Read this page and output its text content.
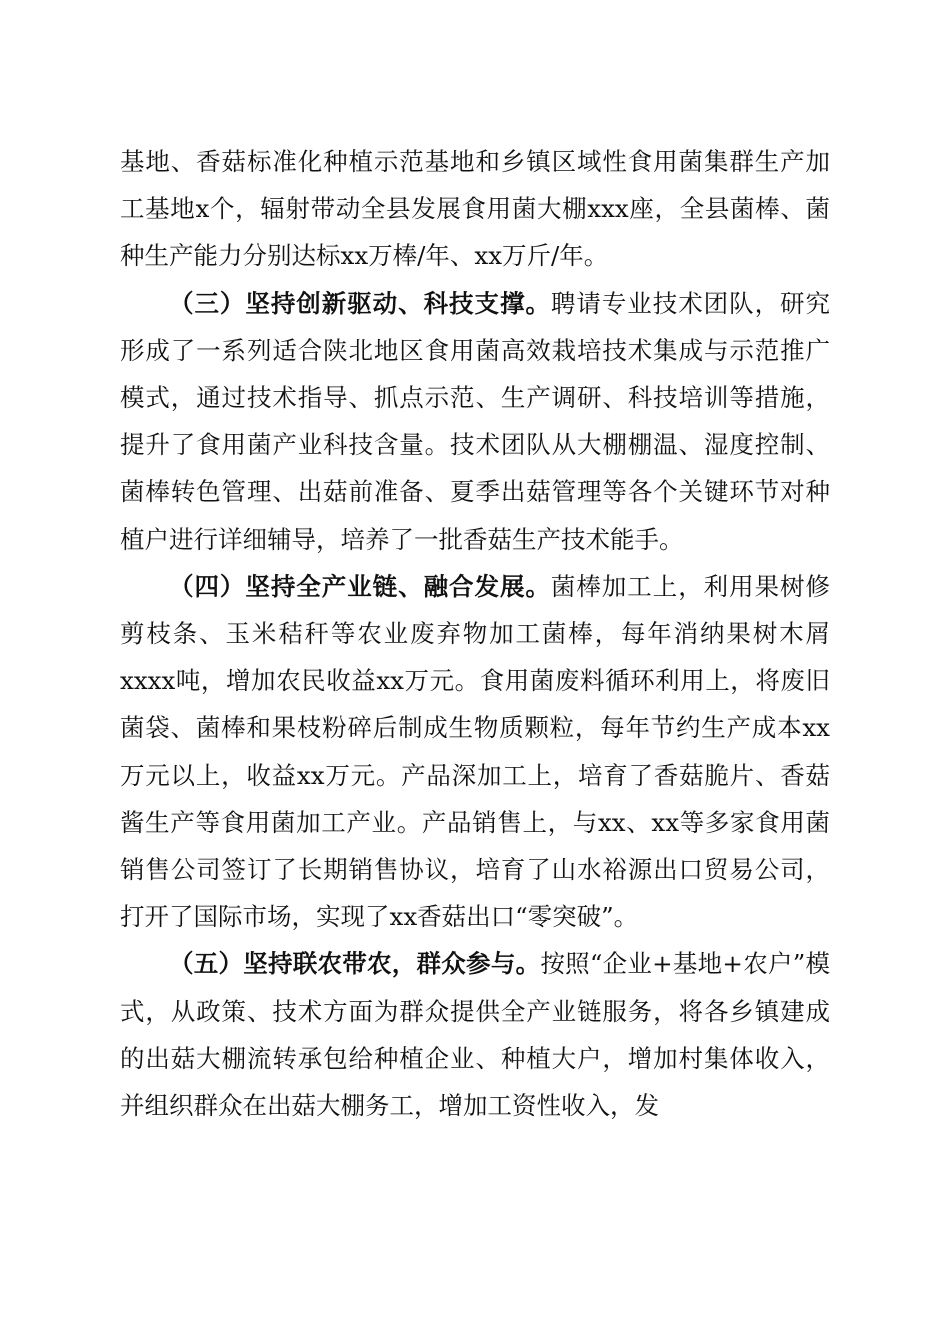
基地、香菇标准化种植示范基地和乡镇区域性食用菌集群生产加工基地x个，辐射带动全县发展食用菌大棚xxx座，全县菌棒、菌种生产能力分别达标xx万棒/年、xx万斤/年。

（三）坚持创新驱动、科技支撑。聘请专业技术团队，研究形成了一系列适合陕北地区食用菌高效栽培技术集成与示范推广模式，通过技术指导、抓点示范、生产调研、科技培训等措施，提升了食用菌产业科技含量。技术团队从大棚棚温、湿度控制、菌棒转色管理、出菇前准备、夏季出菇管理等各个关键环节对种植户进行详细辅导，培养了一批香菇生产技术能手。

（四）坚持全产业链、融合发展。菌棒加工上，利用果树修剪枝条、玉米秸秆等农业废弃物加工菌棒，每年消纳果树木屑xxxx吨，增加农民收益xx万元。食用菌废料循环利用上，将废旧菌袋、菌棒和果枝粉碎后制成生物质颗粒，每年节约生产成本xx万元以上，收益xx万元。产品深加工上，培育了香菇脆片、香菇酱生产等食用菌加工产业。产品销售上，与xx、xx等多家食用菌销售公司签订了长期销售协议，培育了山水裕源出口贸易公司，打开了国际市场，实现了xx香菇出口“零突破”。

（五）坚持联农带农，群众参与。按照“企业+基地+农户”模式，从政策、技术方面为群众提供全产业链服务，将各乡镇建成的出菇大棚流转承包给种植企业、种植大户，增加村集体收入，并组织群众在出菇大棚务工，增加工资性收入，发
